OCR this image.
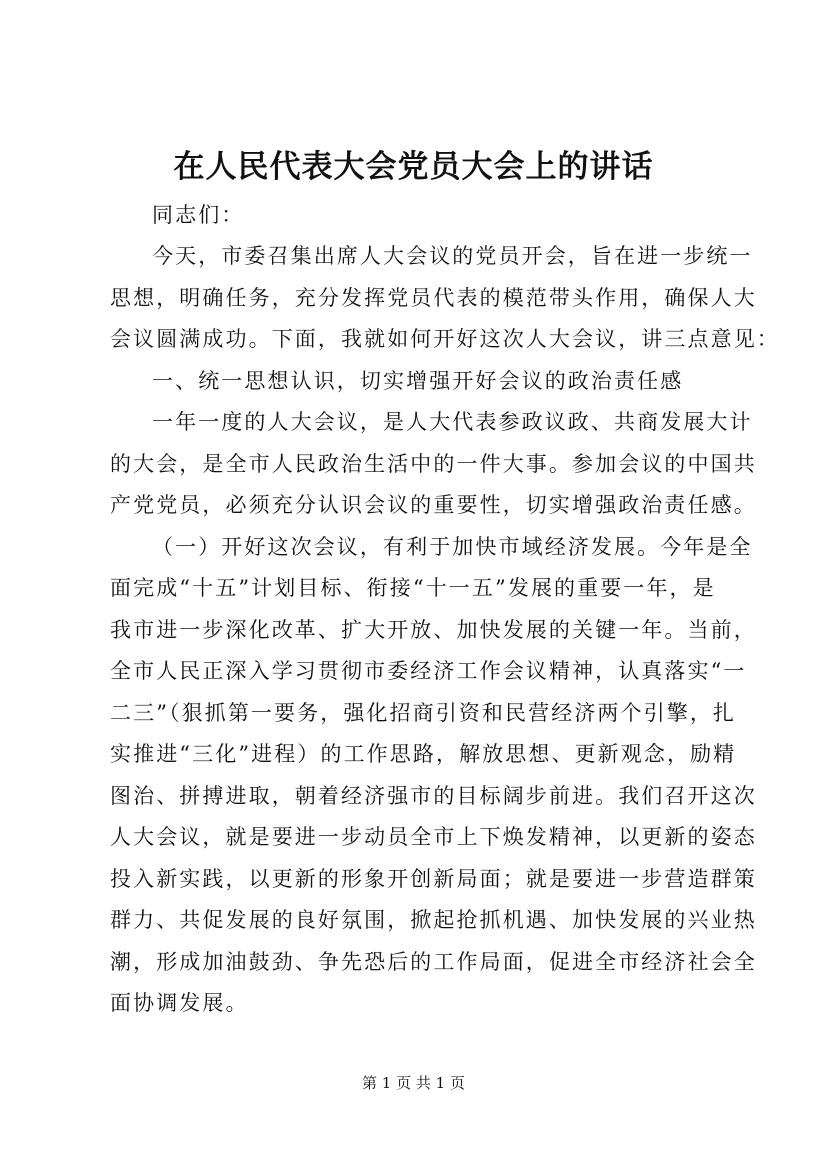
在人民代表大会党员大会上的讲话

同志们：

今天，市委召集出席人大会议的党员开会，旨在进一步统一

思想，明确任务，充分发挥党员代表的模范带头作用，确保人大

会议圆满成功。下面，我就如何开好这次人大会议，讲三点意见：

一、统一思想认识，切实增强开好会议的政治责任感

一年一度的人大会议，是人大代表参政议政、共商发展大计

的大会，是全市人民政治生活中的一件大事。参加会议的中国共

产党党员，必须充分认识会议的重要性，切实增强政治责任感。

（一）开好这次会议，有利于加快市域经济发展。今年是全

面完成“十五”计划目标、衔接“十一五”发展的重要一年，是

我市进一步深化改革、扩大开放、加快发展的关键一年。当前，

全市人民正深入学习贯彻市委经济工作会议精神，认真落实“一

二三”（狠抓第一要务，强化招商引资和民营经济两个引擎，扎

实推进“三化”进程）的工作思路，解放思想、更新观念，励精

图治、拼搏进取，朝着经济强市的目标阔步前进。我们召开这次

人大会议，就是要进一步动员全市上下焕发精神，以更新的姿态

投入新实践，以更新的形象开创新局面；就是要进一步营造群策

群力、共促发展的良好氛围，掀起抢抓机遇、加快发展的兴业热

潮，形成加油鼓劲、争先恐后的工作局面，促进全市经济社会全

面协调发展。

第 1 页 共 1 页
